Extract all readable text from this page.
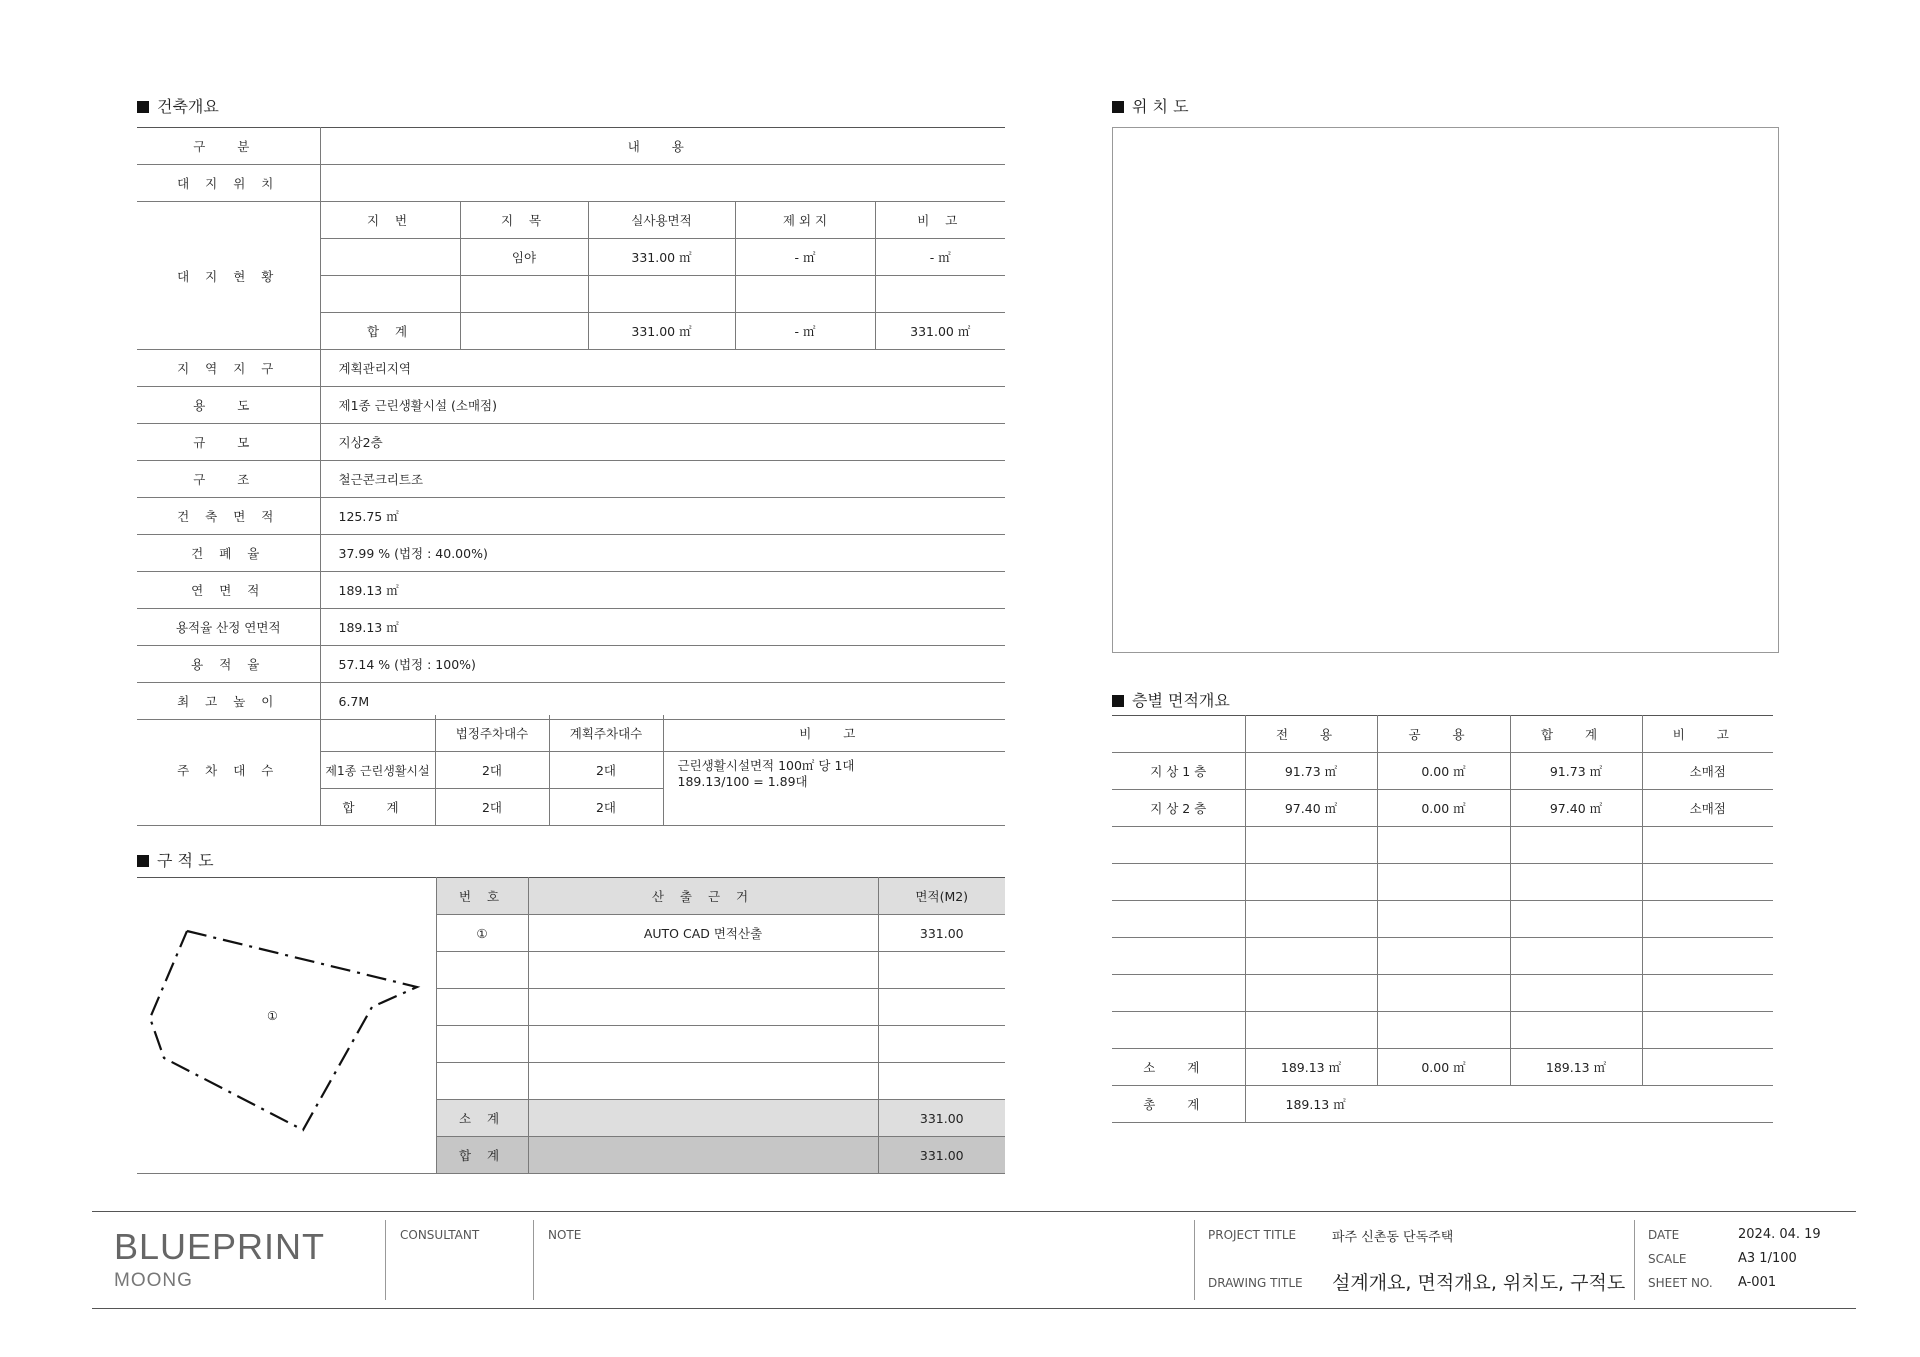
건축개요	위 치 도
구 적 도
층별 면적개요
구 분	내 용				
대 지 위 치					
대 지 현 황	지 번	지 목	실사용면적	제 외 지	비 고
		임야	331.00 ㎡	- ㎡	- ㎡

	합 계		331.00 ㎡	- ㎡	331.00 ㎡
지 역 지 구	계획관리지역				
용 도	제1종 근린생활시설 (소매점)				
규 모	지상2층				
구 조	철근콘크리트조				
건 축 면 적	125.75 ㎡				
건 폐 율	37.99 % (법정 : 40.00%)				
연 면 적	189.13 ㎡				
용적율 산정 연면적	189.13 ㎡				
용 적 율	57.14 % (법정 : 100%)				
최 고 높 이	6.7M				
주 차 대 수		법정주차대수	계획주차대수	비 고
	제1종 근린생활시설	2대	2대	근린생활시설면적 100㎡ 당 1대
189.13/100 = 1.89대

	합 계	2대	2대	
①
	번 호	산 출 근 거	면적(M2)
	①	AUTO CAD 면적산출	331.00

	소 계		331.00
	합 계		331.00
	전 용	공 용	합 계	비 고
지 상 1 층	91.73 ㎡	0.00 ㎡	91.73 ㎡	소매점
지 상 2 층	97.40 ㎡	0.00 ㎡	97.40 ㎡	소매점

소 계	189.13 ㎡	0.00 ㎡	189.13 ㎡	
총 계	189.13 ㎡			
BLUEPRINT
MOONG
CONSULTANT	NOTE	PROJECT TITLE	파주 신촌동 단독주택
DRAWING TITLE 설계개요, 면적개요, 위치도, 구적도
DATE	2024. 04. 19
SCALE	A3 1/100
SHEET NO. A-001
